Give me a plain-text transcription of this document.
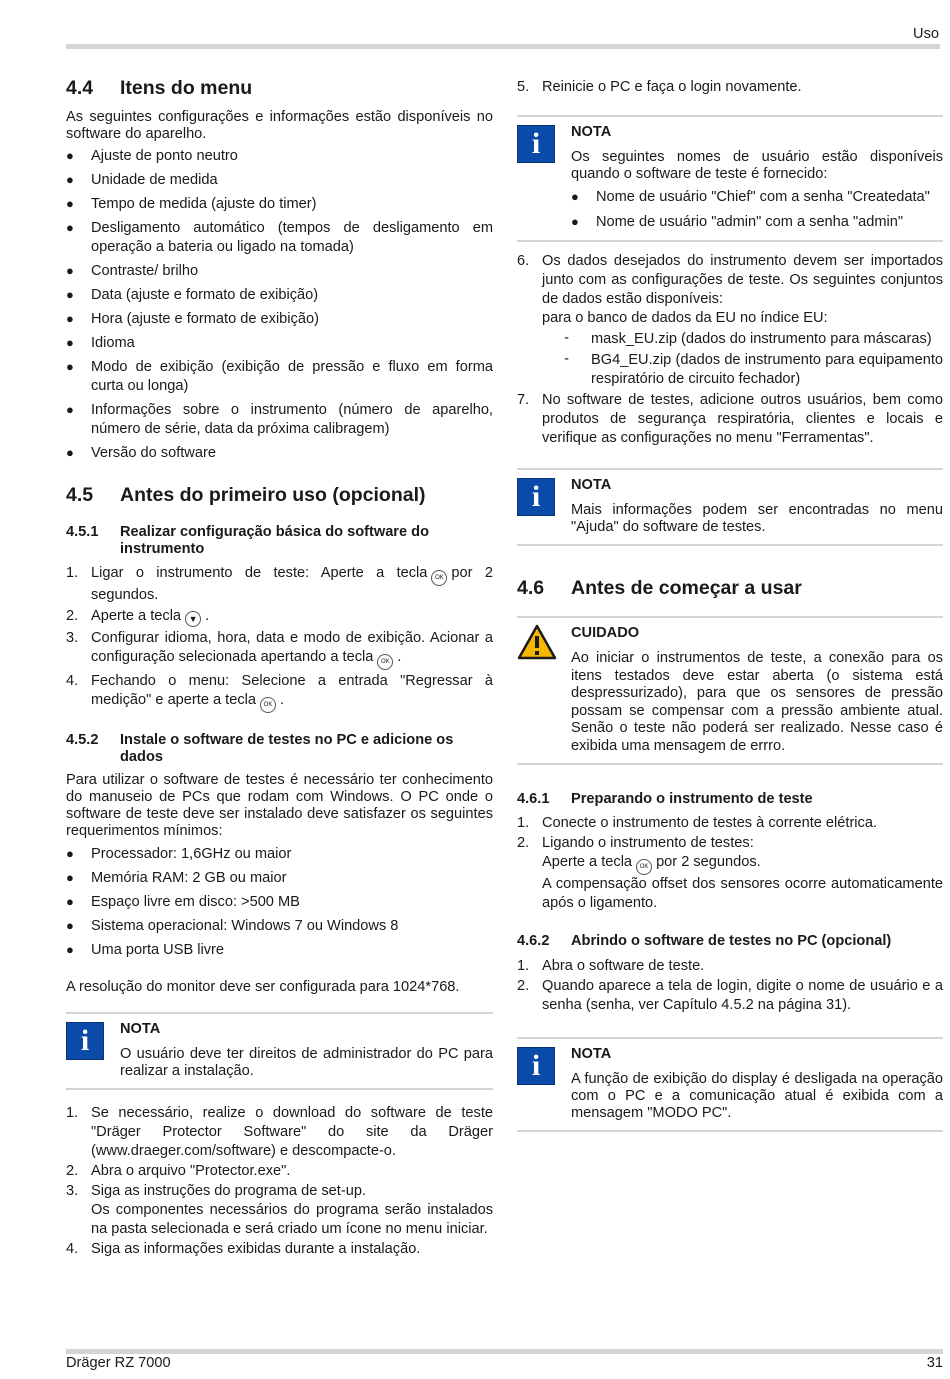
Uso
4.4	Itens do menu

As seguintes configurações e informações estão disponíveis no software do aparelho.

●	Ajuste de ponto neutro
●	Unidade de medida
●	Tempo de medida (ajuste do timer)
●	Desligamento automático (tempos de desligamento em operação a bateria ou ligado na tomada)
●	Contraste/ brilho
●	Data (ajuste e formato de exibição)
●	Hora (ajuste e formato de exibição)
●	Idioma
●	Modo de exibição (exibição de pressão e fluxo em forma curta ou longa)
●	Informações sobre o instrumento (número de aparelho, número de série, data da próxima calibragem)
●	Versão do software
4.5	Antes do primeiro uso (opcional)
4.5.1	Realizar configuração básica do software do instrumento
1. Ligar o instrumento de teste: Aperte a tecla OK por 2 segundos.
2. Aperte a tecla ▼ .
3. Configurar idioma, hora, data e modo de exibição. Acionar a configuração selecionada apertando a tecla OK .
4. Fechando o menu: Selecione a entrada "Regressar à medição" e aperte a tecla OK .
4.5.2	Instale o software de testes no PC e adicione os dados

Para utilizar o software de testes é necessário ter conhecimento do manuseio de PCs que rodam com Windows. O PC onde o software de teste deve ser instalado deve satisfazer os seguintes requerimentos mínimos:

●	Processador: 1,6GHz ou maior
●	Memória RAM: 2 GB ou maior
●	Espaço livre em disco: >500 MB
●	Sistema operacional: Windows 7 ou Windows 8
●	Uma porta USB livre

A resolução do monitor deve ser configurada para 1024*768.

i	NOTA

O usuário deve ter direitos de administrador do PC para realizar a instalação.

1. Se necessário, realize o download do software de teste "Dräger Protector Software" do site da Dräger (www.draeger.com/software) e descompacte-o.
2. Abra o arquivo "Protector.exe".
3. Siga as instruções do programa de set-up.
Os componentes necessários do programa serão instalados na pasta selecionada e será criado um ícone no menu iniciar.
4. Siga as informações exibidas durante a instalação.
5. Reinicie o PC e faça o login novamente.
i	NOTA

Os seguintes nomes de usuário estão disponíveis quando o software de teste é fornecido:

●	Nome de usuário "Chief" com a senha "Createdata"
●	Nome de usuário "admin" com a senha "admin"
6. Os dados desejados do instrumento devem ser importados junto com as configurações de teste. Os seguintes conjuntos de dados estão disponíveis:
para o banco de dados da EU no índice EU:
-	mask_EU.zip (dados do instrumento para máscaras)
-	BG4_EU.zip (dados de instrumento para equipamento respiratório de circuito fechador)
7. No software de testes, adicione outros usuários, bem como produtos de segurança respiratória, clientes e locais e verifique as configurações no menu "Ferramentas".
i	NOTA

Mais informações podem ser encontradas no menu "Ajuda" do software de testes.

4.6	Antes de começar a usar
CUIDADO

Ao iniciar o instrumentos de teste, a conexão para os itens testados deve estar aberta (o sistema está despressurizado), para que os sensores de pressão possam se compensar com a pressão ambiente atual. Senão o teste não poderá ser realizado. Nesse caso é exibida uma mensagem de errro.

4.6.1	Preparando o instrumento de teste
1. Conecte o instrumento de testes à corrente elétrica.
2. Ligando o instrumento de testes:
Aperte a tecla OK por 2 segundos.
A compensação offset dos sensores ocorre automaticamente após o ligamento.
4.6.2	Abrindo o software de testes no PC (opcional)
1. Abra o software de teste.
2. Quando aparece a tela de login, digite o nome de usuário e a senha (senha, ver Capítulo 4.5.2 na página 31).
i	NOTA

A função de exibição do display é desligada na operação com o PC e a comunicação atual é exibida com a mensagem "MODO PC".

Dräger RZ 7000	31
